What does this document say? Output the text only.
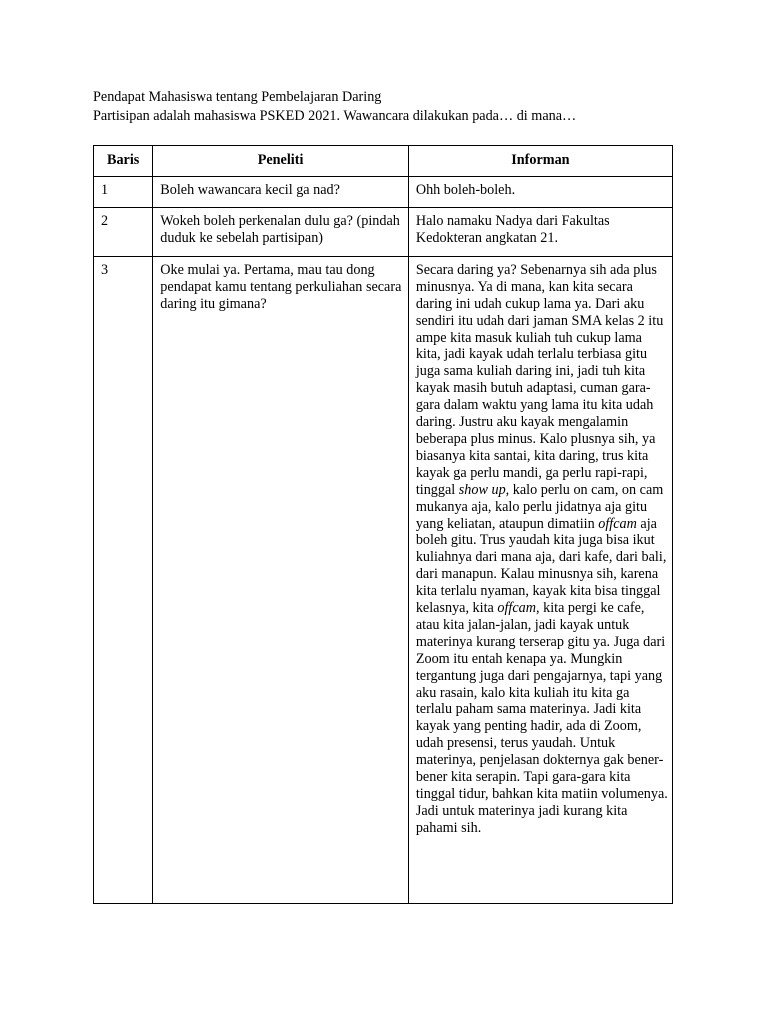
Pendapat Mahasiswa tentang Pembelajaran Daring
Partisipan adalah mahasiswa PSKED 2021. Wawancara dilakukan pada… di mana…
Baris	Peneliti	Informan
1	Boleh wawancara kecil ga nad?	Ohh boleh-boleh.
2	Wokeh boleh perkenalan dulu ga? (pindah duduk ke sebelah partisipan)	Halo namaku Nadya dari Fakultas Kedokteran angkatan 21.
3	Oke mulai ya. Pertama, mau tau dong pendapat kamu tentang perkuliahan secara daring itu gimana?	Secara daring ya? Sebenarnya sih ada plus minusnya. Ya di mana, kan kita secara daring ini udah cukup lama ya. Dari aku sendiri itu udah dari jaman SMA kelas 2 itu ampe kita masuk kuliah tuh cukup lama kita, jadi kayak udah terlalu terbiasa gitu juga sama kuliah daring ini, jadi tuh kita kayak masih butuh adaptasi, cuman gara-gara dalam waktu yang lama itu kita udah daring. Justru aku kayak mengalamin beberapa plus minus. Kalo plusnya sih, ya biasanya kita santai, kita daring, trus kita kayak ga perlu mandi, ga perlu rapi-rapi, tinggal show up, kalo perlu on cam, on cam mukanya aja, kalo perlu jidatnya aja gitu yang keliatan, ataupun dimatiin offcam aja boleh gitu. Trus yaudah kita juga bisa ikut kuliahnya dari mana aja, dari kafe, dari bali, dari manapun. Kalau minusnya sih, karena kita terlalu nyaman, kayak kita bisa tinggal kelasnya, kita offcam, kita pergi ke cafe, atau kita jalan-jalan, jadi kayak untuk materinya kurang terserap gitu ya. Juga dari Zoom itu entah kenapa ya. Mungkin tergantung juga dari pengajarnya, tapi yang aku rasain, kalo kita kuliah itu kita ga terlalu paham sama materinya. Jadi kita kayak yang penting hadir, ada di Zoom, udah presensi, terus yaudah. Untuk materinya, penjelasan dokternya gak bener-bener kita serapin. Tapi gara-gara kita tinggal tidur, bahkan kita matiin volumenya. Jadi untuk materinya jadi kurang kita pahami sih.
